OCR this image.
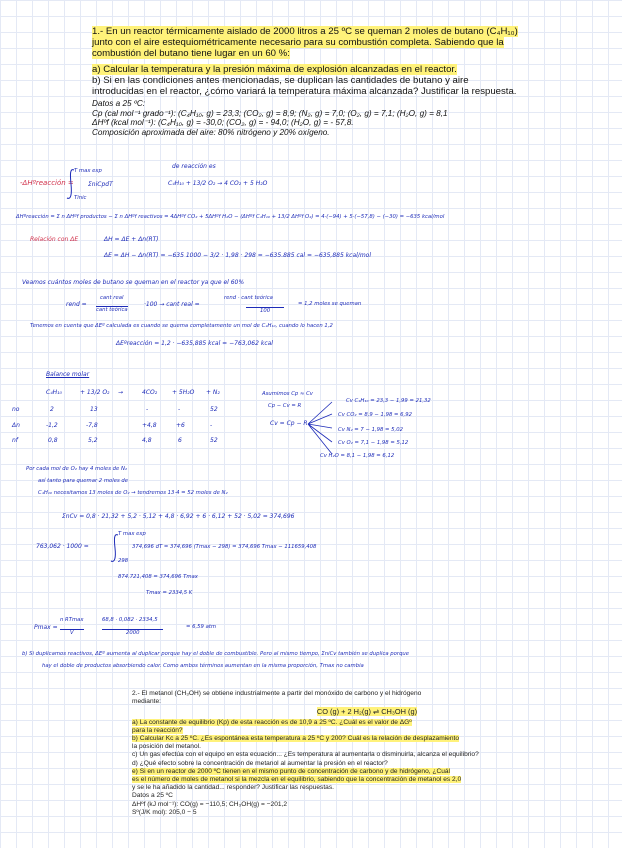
1.- En un reactor térmicamente aislado de 2000 litros a 25 ºC se queman 2 moles de butano (C₄H₁₀)

junto con el aire estequiométricamente necesario para su combustión completa. Sabiendo que la

combustión del butano tiene lugar en un 60 %:

a) Calcular la temperatura y la presión máxima de explosión alcanzadas en el reactor.

b) Si en las condiciones antes mencionadas, se duplican las cantidades de butano y aire

introducidas en el reactor, ¿cómo variará la temperatura máxima alcanzada? Justificar la respuesta.

Datos a 25 ºC:

Cp (cal mol⁻¹ grado⁻¹): (C₄H₁₀, g) = 23,3; (CO₂, g) = 8,9; (N₂, g) = 7,0; (O₂, g) = 7,1; (H₂O, g) = 8,1

ΔHºf (kcal mol⁻¹): (C₄H₁₀, g) = -30,0; (CO₂, g) = - 94,0; (H₂O, g) = - 57,8.

Composición aproximada del aire: 80% nitrógeno y 20% oxígeno.

-ΔHºreacción =
T max exp
Tinic
ΣniCpdT
de reacción es
C₄H₁₀ + 13/2 O₂ → 4 CO₂ + 5 H₂O
ΔHºreacción = Σ n ΔHºf productos − Σ n ΔHºf reactivos = 4ΔHºf CO₂ + 5ΔHºf H₂O − (ΔHºf C₄H₁₀ + 13/2 ΔHºf O₂) = 4·(−94) + 5·(−57,8) − (−30) = −635 kcal/mol
Relación con ΔE	ΔH = ΔE + Δn(RT)
ΔE = ΔH − Δn(RT) = −635 1000 − 3/2 · 1,98 · 298 = −635.885 cal = −635,885 kcal/mol
Veamos cuántos moles de butano se queman en el reactor ya que el 60%
rend =
cant real
cant teórica
·100 → cant real =
rend · cant teórica
100
= 1,2 moles se queman
Tenemos en cuenta que ΔEº calculada es cuando se quema completamente un mol de C₄H₁₀, cuando lo hacen 1,2
ΔEºreacción = 1,2 · −635,885 kcal = −763,062 kcal
Balance molar
C₄H₁₀	+ 13/2 O₂ →	4CO₂ + 5H₂O + N₂
no	2	13	-	-	52
Δn	-1,2	-7,8	+4,8	+6	-
nf	0,8	5,2	4,8	6	52
Asumimos Cp ≈ Cv
Cp − Cv = R
Cv = Cp − R
Cv C₄H₁₀ = 23,3 − 1,99 = 21,32
Cv CO₂ = 8,9 − 1,98 = 6,92
Cv N₂ = 7 − 1,98 = 5,02
Cv O₂ = 7,1 − 1,98 = 5,12
Cv H₂O = 8,1 − 1,98 = 6,12
Por cada mol de O₂ hay 4 moles de N₂
así tanto para quemar 2 moles de
C₄H₁₀ necesitamos 13 moles de O₂ → tendremos 13·4 = 52 moles de N₂
ΣnCv = 0,8 · 21,32 + 5,2 · 5,12 + 4,8 · 6,92 + 6 · 6,12 + 52 · 5,02 = 374,696
763,062 · 1000 =
T max exp
298
374,696 dT = 374,696 (Tmax − 298) = 374,696 Tmax − 111659,408
874.721,408 = 374,696 Tmax
Tmax = 2334,5 K
Pmax =
n RTmax
V
68,8 · 0,082 · 2334,5
2000
= 6,59 atm
b) Si duplicamos reactivos, ΔEº aumenta al duplicar porque hay el doble de combustible. Pero al mismo tiempo, ΣniCv también se duplica porque
hay el doble de productos absorbiendo calor. Como ambos términos aumentan en la misma proporción, Tmax no cambia

2.- El metanol (CH₃OH) se obtiene industrialmente a partir del monóxido de carbono y el hidrógeno

mediante:

CO (g) + 2 H₂(g) ⇌ CH₃OH (g)

a) La constante de equilibrio (Kp) de esta reacción es de 10,9 a 25 ºC. ¿Cuál es el valor de ΔGº

para la reacción?

b) Calcular Kc a 25 ºC. ¿Es espontánea esta temperatura a 25 ºC y 200? Cuál es la relación de desplazamiento

la posición del metanol.

c) Un gas efectúa con el equipo en esta ecuación... ¿Es temperatura al aumentarla o disminuirla, alcanza el equilibrio?

d) ¿Qué efecto sobre la concentración de metanol al aumentar la presión en el reactor?

e) Si en un reactor de 2000 ºC tienen en el mismo punto de concentración de carbono y de hidrógeno, ¿Cuál

es el número de moles de metanol si la mezcla en el equilibrio, sabiendo que la concentración de metanol es 2,0

y se le ha añadido la cantidad... responder? Justificar las respuestas.

Datos a 25 ºC

ΔHºf (kJ mol⁻¹): CO(g) = −110,5; CH₃OH(g) = −201,2

Sº(J/K mol): 205,0 − 5
